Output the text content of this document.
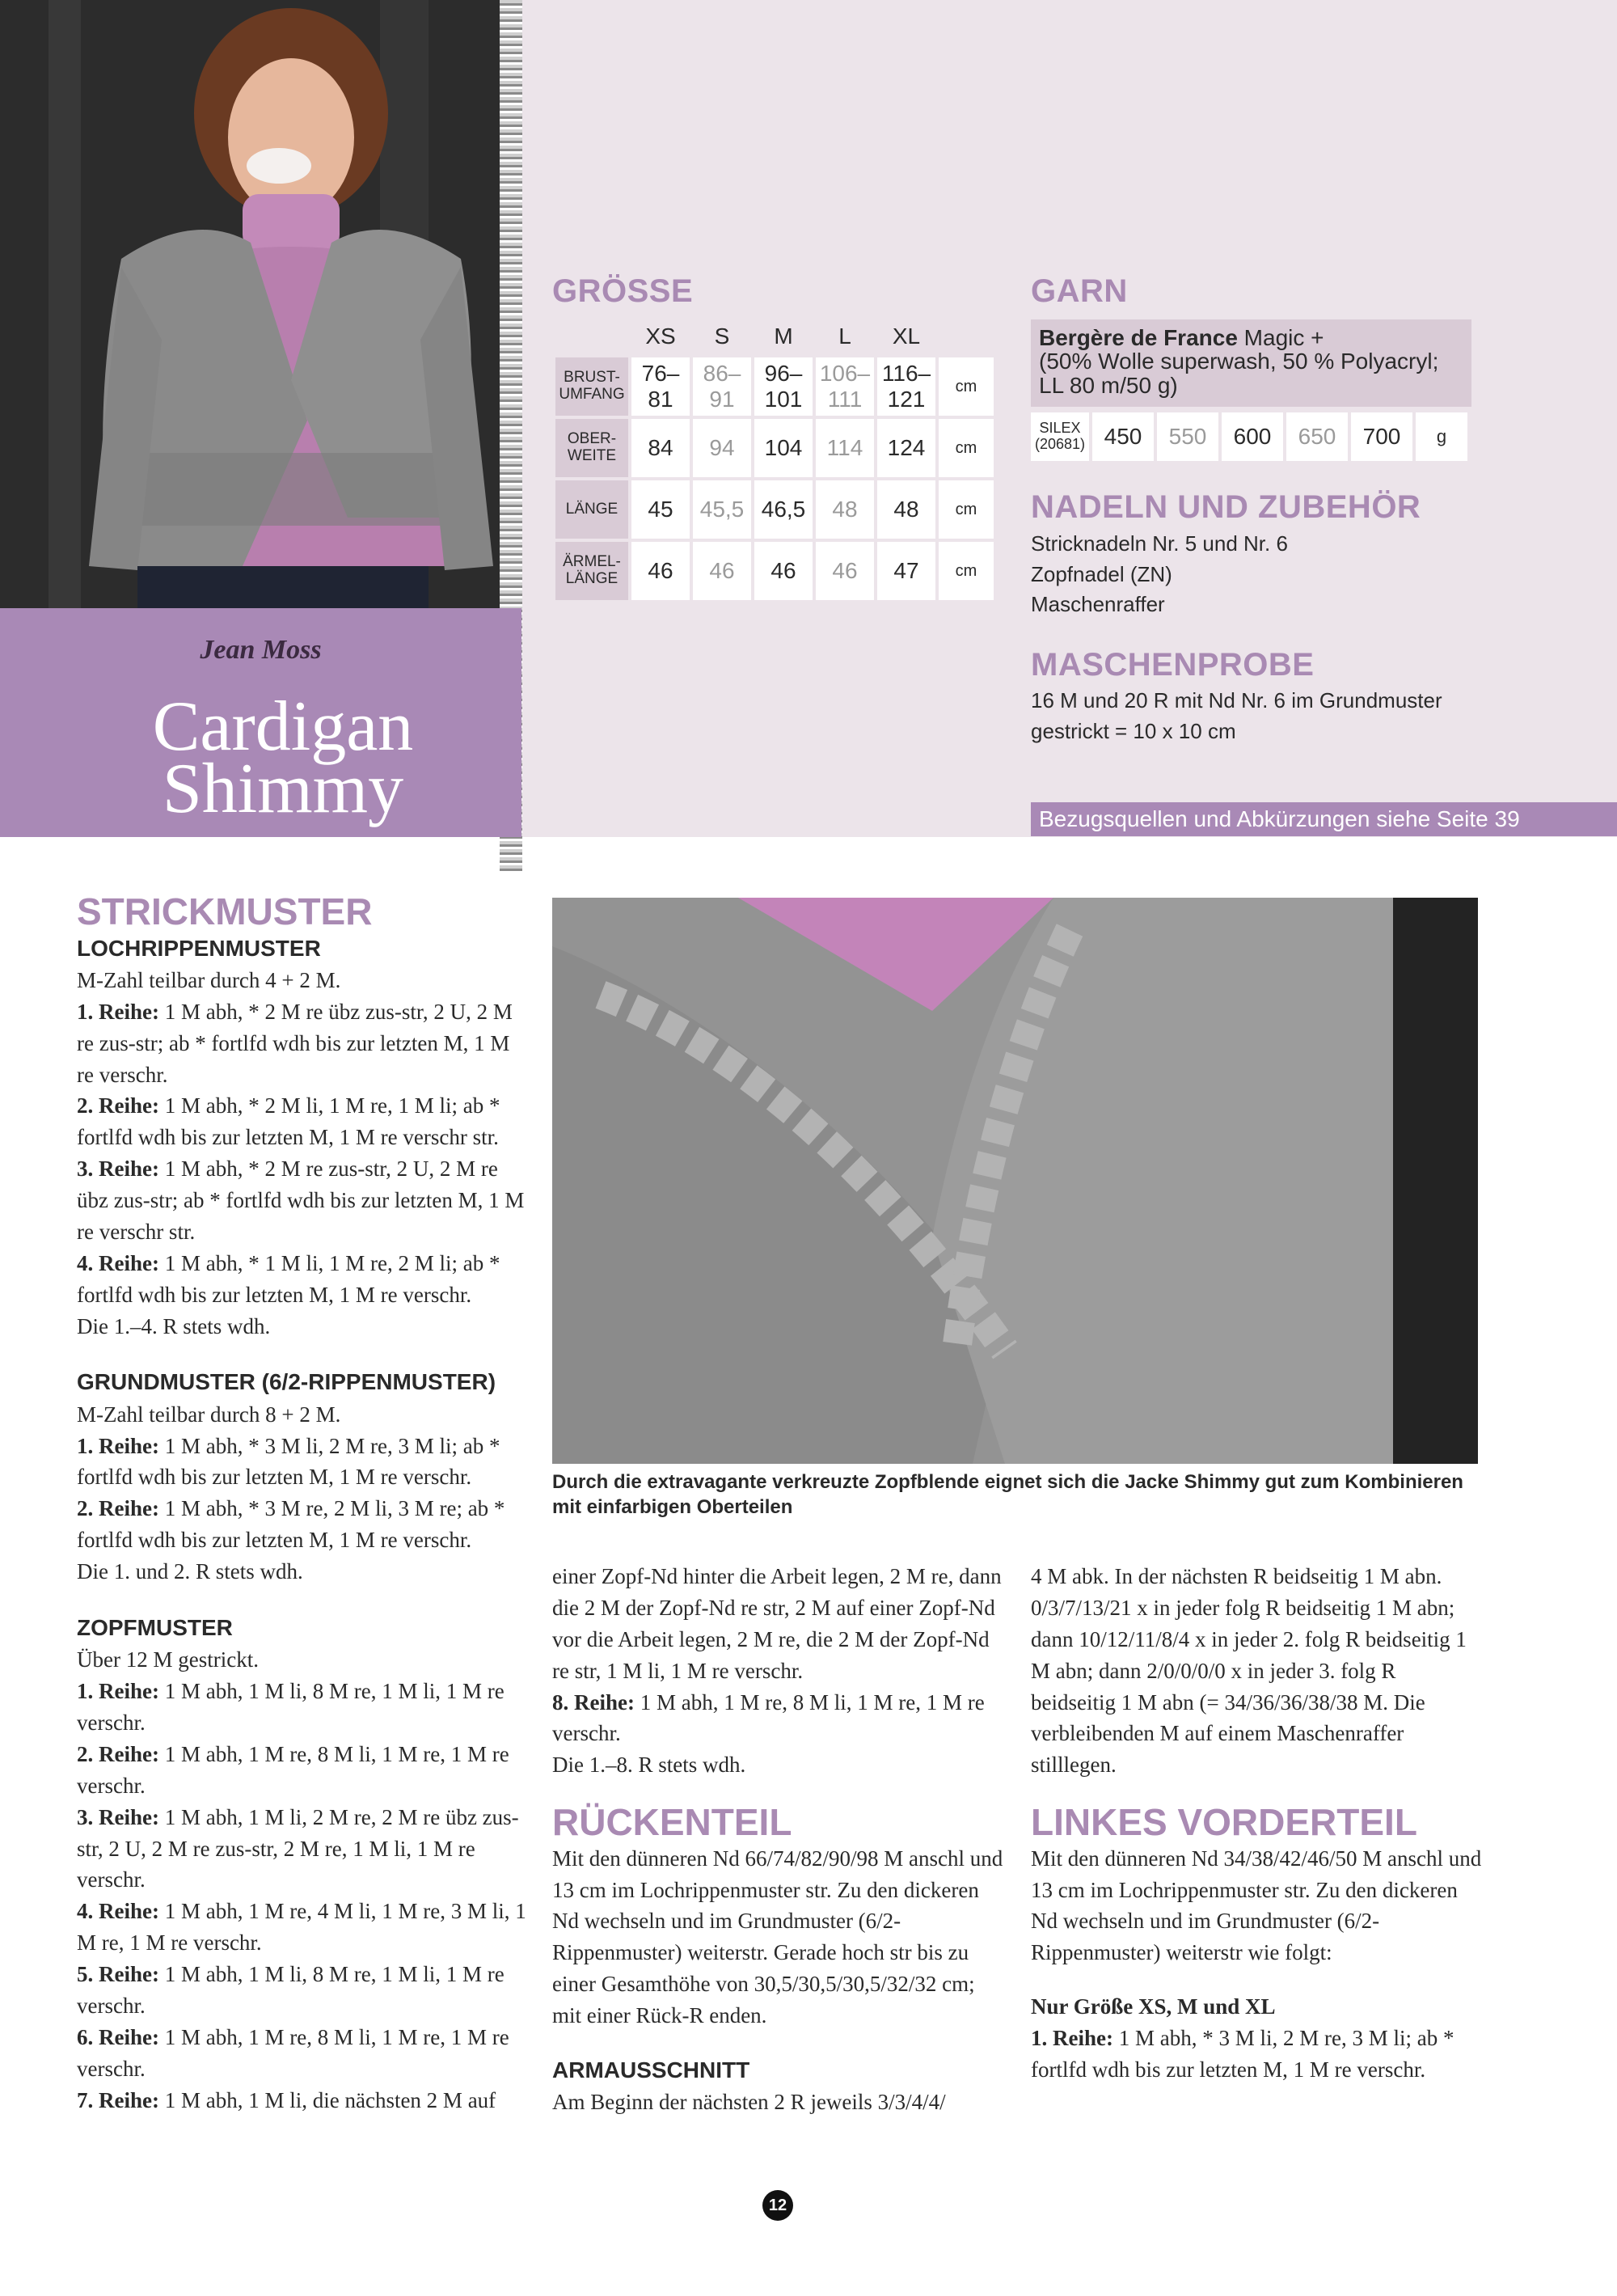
Jean Moss
Cardigan
Shimmy
GRÖSSE
	XS	S	M	L	XL	
BRUST-UMFANG	76–81	86–91	96–101	106–111	116–121	cm
OBER-WEITE	84	94	104	114	124	cm
LÄNGE	45	45,5	46,5	48	48	cm
ÄRMEL-LÄNGE	46	46	46	46	47	cm
GARN
Bergère de France Magic +
(50% Wolle superwash, 50 % Polyacryl; LL 80 m/50 g)
SILEX (20681) 450	550	600	650	700	g
NADELN UND ZUBEHÖR
Stricknadeln Nr. 5 und Nr. 6
Zopfnadel (ZN)
Maschenraffer
MASCHENPROBE
16 M und 20 R mit Nd Nr. 6 im Grundmuster
gestrickt = 10 x 10 cm
Bezugsquellen und Abkürzungen siehe Seite 39
Durch die extravagante verkreuzte Zopfblende eignet sich die Jacke Shimmy gut zum Kombinieren mit einfarbigen Oberteilen
STRICKMUSTER
LOCHRIPPENMUSTER

M-Zahl teilbar durch 4 + 2 M.

1. Reihe: 1 M abh, * 2 M re übz zus-str, 2 U, 2 M re zus-str; ab * fortlfd wdh bis zur letzten M, 1 M re verschr.

2. Reihe: 1 M abh, * 2 M li, 1 M re, 1 M li; ab * fortlfd wdh bis zur letzten M, 1 M re verschr str.

3. Reihe: 1 M abh, * 2 M re zus-str, 2 U, 2 M re übz zus-str; ab * fortlfd wdh bis zur letzten M, 1 M re verschr str.

4. Reihe: 1 M abh, * 1 M li, 1 M re, 2 M li; ab * fortlfd wdh bis zur letzten M, 1 M re verschr.

Die 1.–4. R stets wdh.

GRUNDMUSTER (6/2-RIPPENMUSTER)

M-Zahl teilbar durch 8 + 2 M.

1. Reihe: 1 M abh, * 3 M li, 2 M re, 3 M li; ab * fortlfd wdh bis zur letzten M, 1 M re verschr.

2. Reihe: 1 M abh, * 3 M re, 2 M li, 3 M re; ab * fortlfd wdh bis zur letzten M, 1 M re verschr.

Die 1. und 2. R stets wdh.

ZOPFMUSTER

Über 12 M gestrickt.

1. Reihe: 1 M abh, 1 M li, 8 M re, 1 M li, 1 M re verschr.

2. Reihe: 1 M abh, 1 M re, 8 M li, 1 M re, 1 M re verschr.

3. Reihe: 1 M abh, 1 M li, 2 M re, 2 M re übz zus-str, 2 U, 2 M re zus-str, 2 M re, 1 M li, 1 M re verschr.

4. Reihe: 1 M abh, 1 M re, 4 M li, 1 M re, 3 M li, 1 M re, 1 M re verschr.

5. Reihe: 1 M abh, 1 M li, 8 M re, 1 M li, 1 M re verschr.

6. Reihe: 1 M abh, 1 M re, 8 M li, 1 M re, 1 M re verschr.

7. Reihe: 1 M abh, 1 M li, die nächsten 2 M auf

einer Zopf-Nd hinter die Arbeit legen, 2 M re, dann die 2 M der Zopf-Nd re str, 2 M auf einer Zopf-Nd vor die Arbeit legen, 2 M re, die 2 M der Zopf-Nd re str, 1 M li, 1 M re verschr.

8. Reihe: 1 M abh, 1 M re, 8 M li, 1 M re, 1 M re verschr.

Die 1.–8. R stets wdh.

RÜCKENTEIL

Mit den dünneren Nd 66/74/82/90/98 M anschl und 13 cm im Lochrippenmuster str. Zu den dickeren Nd wechseln und im Grundmuster (6/2-Rippenmuster) weiterstr. Gerade hoch str bis zu einer Gesamthöhe von 30,5/30,5/30,5/32/32 cm; mit einer Rück-R enden.

ARMAUSSCHNITT

Am Beginn der nächsten 2 R jeweils 3/3/4/4/

4 M abk. In der nächsten R beidseitig 1 M abn. 0/3/7/13/21 x in jeder folg R beidseitig 1 M abn; dann 10/12/11/8/4 x in jeder 2. folg R beidseitig 1 M abn; dann 2/0/0/0/0 x in jeder 3. folg R beidseitig 1 M abn (= 34/36/36/38/38 M. Die verbleibenden M auf einem Maschenraffer stilllegen.

LINKES VORDERTEIL

Mit den dünneren Nd 34/38/42/46/50 M anschl und 13 cm im Lochrippenmuster str. Zu den dickeren Nd wechseln und im Grundmuster (6/2-Rippenmuster) weiterstr wie folgt:

Nur Größe XS, M und XL

1. Reihe: 1 M abh, * 3 M li, 2 M re, 3 M li; ab * fortlfd wdh bis zur letzten M, 1 M re verschr.

12
